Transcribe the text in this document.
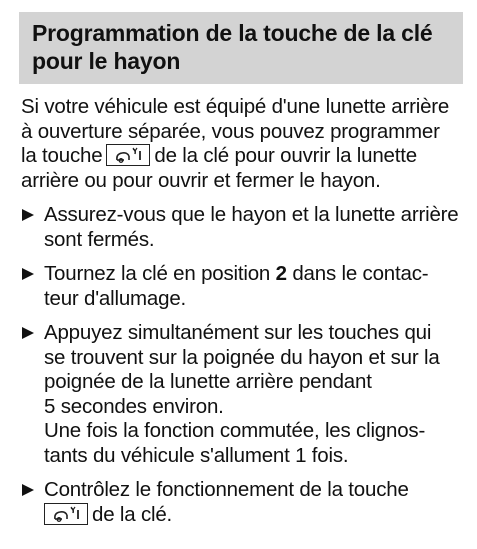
Programmation de la touche de la clé
pour le hayon

Si votre véhicule est équipé d'une lunette arrière
à ouverture séparée, vous pouvez programmer
la touche	de la clé pour ouvrir la lunette
arrière ou pour ouvrir et fermer le hayon.

Assurez-vous que le hayon et la lunette arrière
sont fermés.
Tournez la clé en position 2 dans le contac-
teur d'allumage.
Appuyez simultanément sur les touches qui
se trouvent sur la poignée du hayon et sur la
poignée de la lunette arrière pendant
5 secondes environ.
Une fois la fonction commutée, les clignos-
tants du véhicule s'allument 1 fois.
Contrôlez le fonctionnement de la touche
de la clé.
